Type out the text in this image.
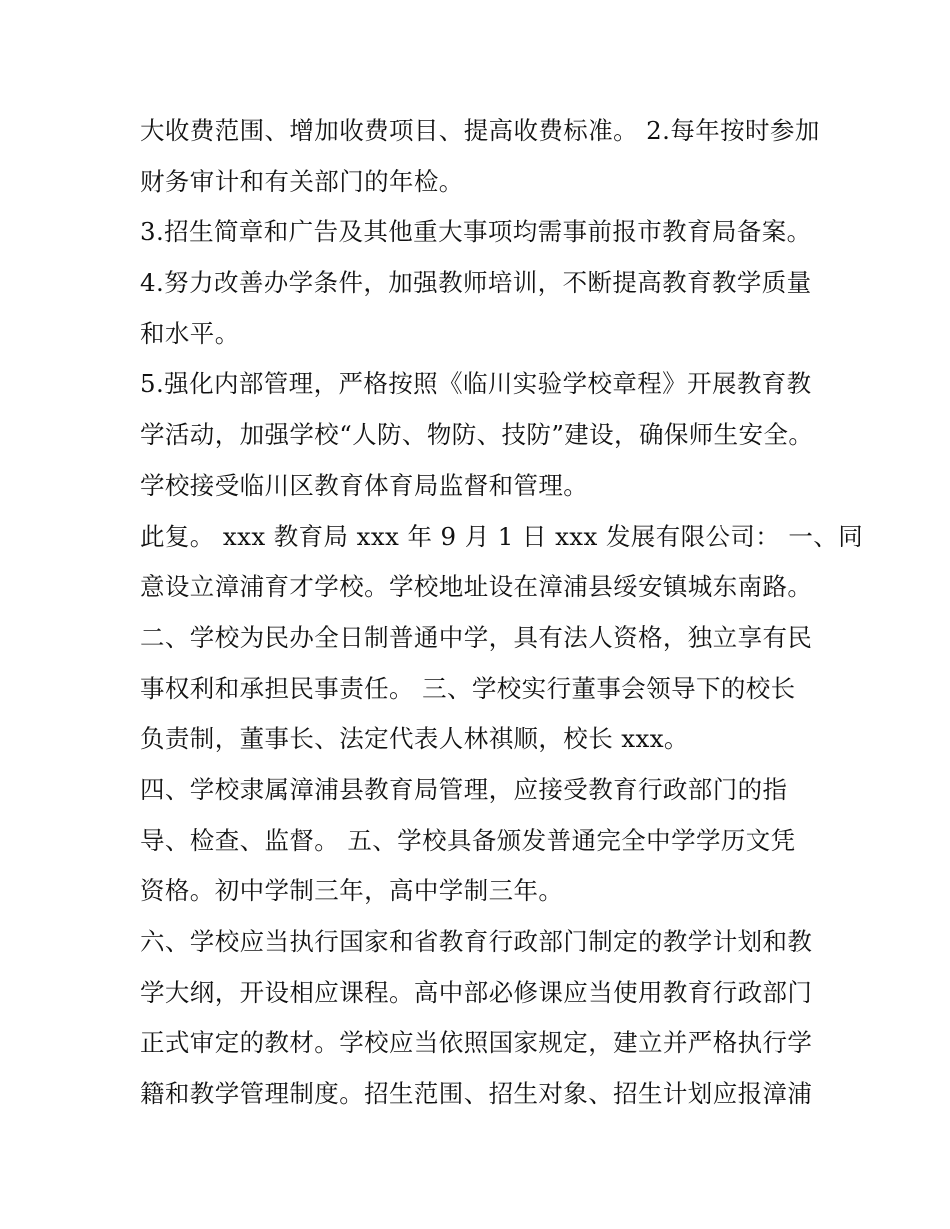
大收费范围、增加收费项目、提高收费标准。 2.每年按时参加
财务审计和有关部门的年检。
3.招生简章和广告及其他重大事项均需事前报市教育局备案。
4.努力改善办学条件，加强教师培训，不断提高教育教学质量
和水平。
5.强化内部管理，严格按照《临川实验学校章程》开展教育教
学活动，加强学校“人防、物防、技防”建设，确保师生安全。
学校接受临川区教育体育局监督和管理。
此复。 xxx 教育局 xxx 年 9 月 1 日 xxx 发展有限公司： 一、同
意设立漳浦育才学校。学校地址设在漳浦县绥安镇城东南路。
二、学校为民办全日制普通中学，具有法人资格，独立享有民
事权利和承担民事责任。 三、学校实行董事会领导下的校长
负责制，董事长、法定代表人林祺顺，校长 xxx。
四、学校隶属漳浦县教育局管理，应接受教育行政部门的指
导、检查、监督。 五、学校具备颁发普通完全中学学历文凭
资格。初中学制三年，高中学制三年。
六、学校应当执行国家和省教育行政部门制定的教学计划和教
学大纲，开设相应课程。高中部必修课应当使用教育行政部门
正式审定的教材。学校应当依照国家规定，建立并严格执行学
籍和教学管理制度。招生范围、招生对象、招生计划应报漳浦
